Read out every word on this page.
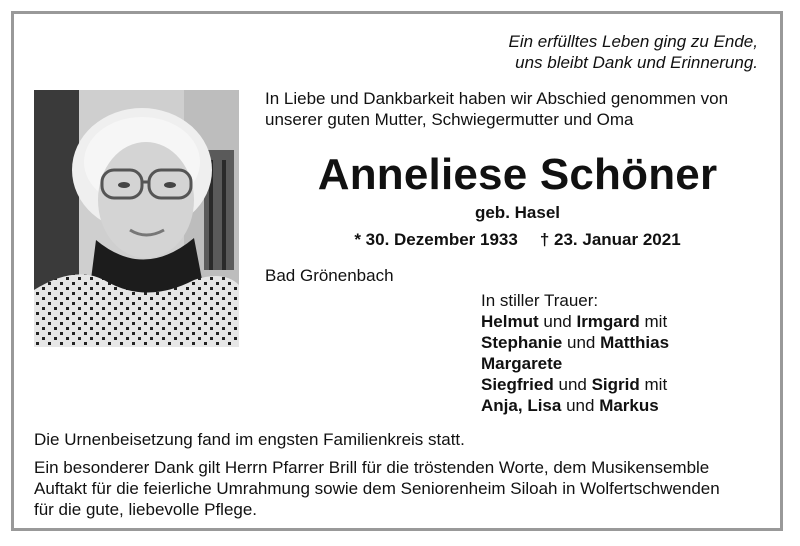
Ein erfülltes Leben ging zu Ende,
uns bleibt Dank und Erinnerung.
In Liebe und Dankbarkeit haben wir Abschied genommen von
unserer guten Mutter, Schwiegermutter und Oma
Anneliese Schöner
geb. Hasel
* 30. Dezember 1933 † 23. Januar 2021
Bad Grönenbach
In stiller Trauer:
Helmut und Irmgard mit
Stephanie und Matthias
Margarete
Siegfried und Sigrid mit
Anja, Lisa und Markus
Die Urnenbeisetzung fand im engsten Familienkreis statt.
Ein besonderer Dank gilt Herrn Pfarrer Brill für die tröstenden Worte, dem Musikensemble
Auftakt für die feierliche Umrahmung sowie dem Seniorenheim Siloah in Wolfertschwenden
für die gute, liebevolle Pflege.
